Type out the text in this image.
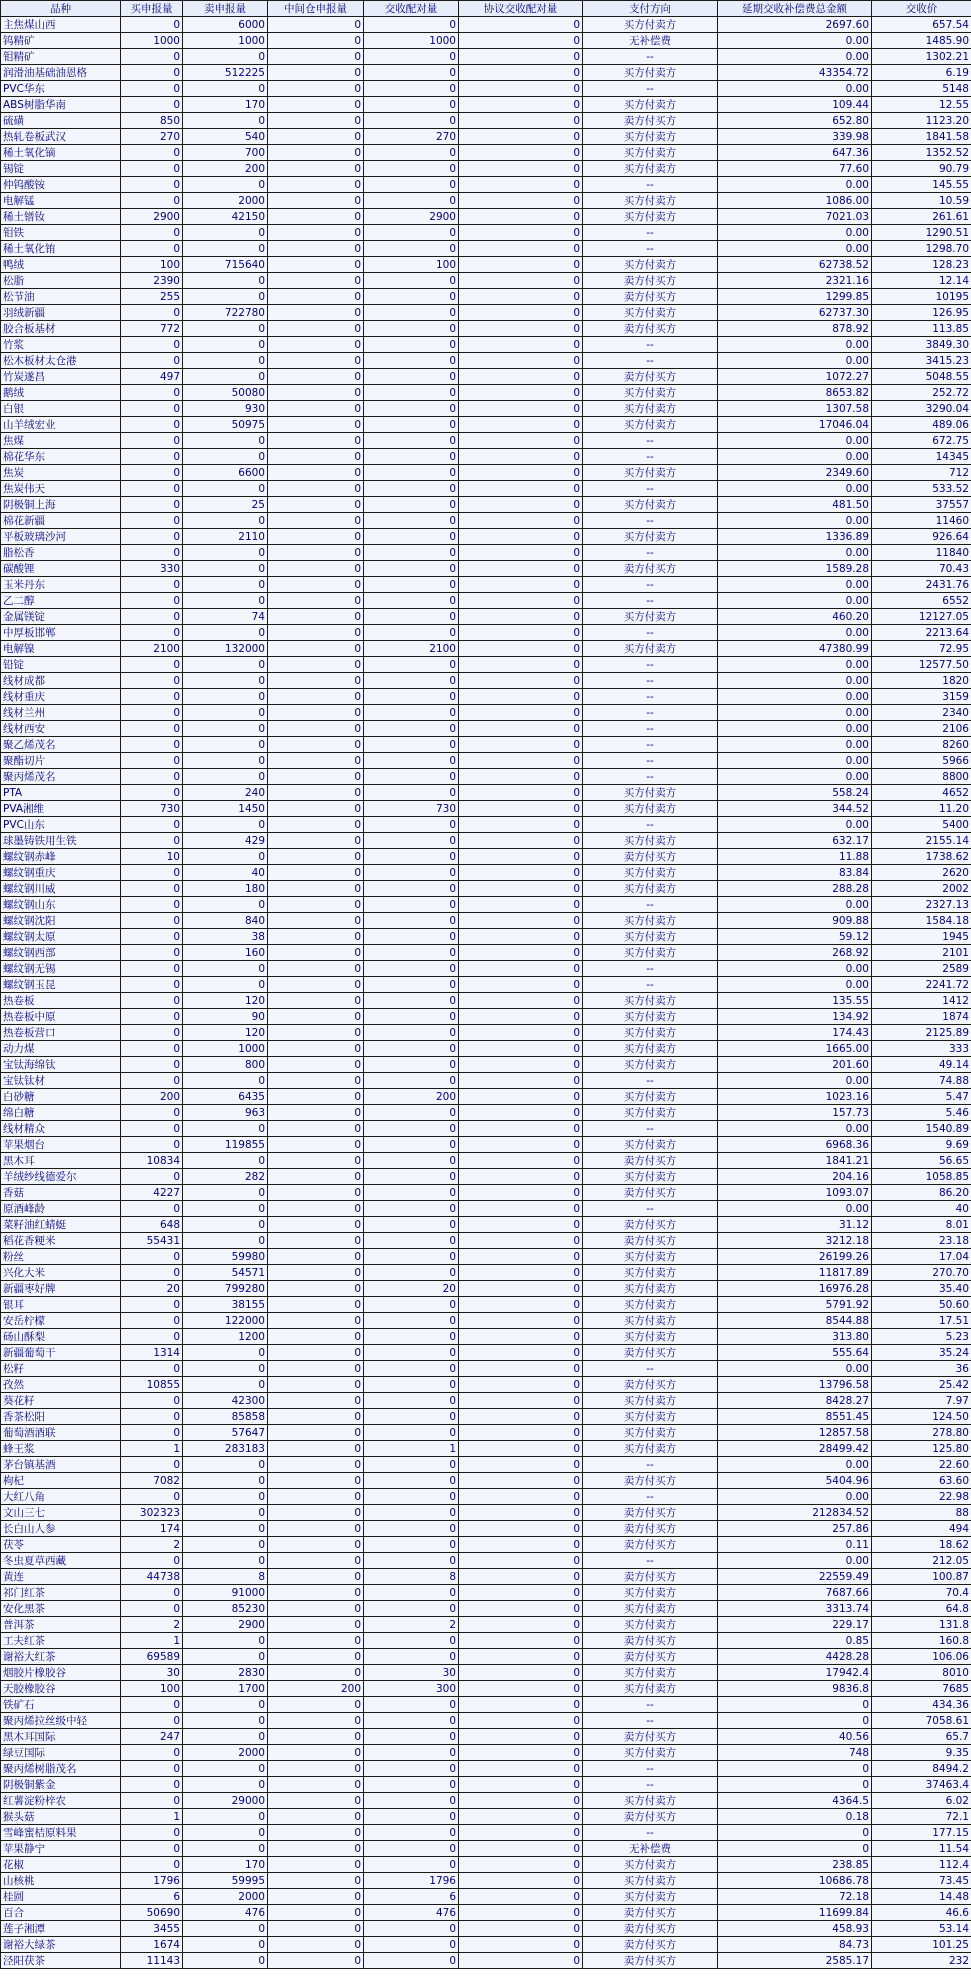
品种	买申报量	卖申报量	中间仓申报量	交收配对量	协议交收配对量	支付方向	延期交收补偿费总金额	交收价
主焦煤山西	0	6000	0	0	0	买方付卖方	2697.60	657.54
钨精矿	1000	1000	0	1000	0	无补偿费	0.00	1485.90
钼精矿	0	0	0	0	0	--	0.00	1302.21
润滑油基础油恩格	0	512225	0	0	0	买方付卖方	43354.72	6.19
PVC华东	0	0	0	0	0	--	0.00	5148
ABS树脂华南	0	170	0	0	0	买方付卖方	109.44	12.55
硫磺	850	0	0	0	0	卖方付买方	652.80	1123.20
热轧卷板武汉	270	540	0	270	0	买方付卖方	339.98	1841.58
稀土氧化镝	0	700	0	0	0	买方付卖方	647.36	1352.52
锡锭	0	200	0	0	0	买方付卖方	77.60	90.79
仲钨酸铵	0	0	0	0	0	--	0.00	145.55
电解锰	0	2000	0	0	0	买方付卖方	1086.00	10.59
稀土镨钕	2900	42150	0	2900	0	买方付卖方	7021.03	261.61
钼铁	0	0	0	0	0	--	0.00	1290.51
稀土氧化铕	0	0	0	0	0	--	0.00	1298.70
鸭绒	100	715640	0	100	0	买方付卖方	62738.52	128.23
松脂	2390	0	0	0	0	卖方付买方	2321.16	12.14
松节油	255	0	0	0	0	卖方付买方	1299.85	10195
羽绒新疆	0	722780	0	0	0	买方付卖方	62737.30	126.95
胶合板基材	772	0	0	0	0	卖方付买方	878.92	113.85
竹浆	0	0	0	0	0	--	0.00	3849.30
松木板材太仓港	0	0	0	0	0	--	0.00	3415.23
竹炭遂昌	497	0	0	0	0	卖方付买方	1072.27	5048.55
鹅绒	0	50080	0	0	0	买方付卖方	8653.82	252.72
白银	0	930	0	0	0	买方付卖方	1307.58	3290.04
山羊绒宏业	0	50975	0	0	0	买方付卖方	17046.04	489.06
焦煤	0	0	0	0	0	--	0.00	672.75
棉花华东	0	0	0	0	0	--	0.00	14345
焦炭	0	6600	0	0	0	买方付卖方	2349.60	712
焦炭伟天	0	0	0	0	0	--	0.00	533.52
阴极铜上海	0	25	0	0	0	买方付卖方	481.50	37557
棉花新疆	0	0	0	0	0	--	0.00	11460
平板玻璃沙河	0	2110	0	0	0	买方付卖方	1336.89	926.64
脂松香	0	0	0	0	0	--	0.00	11840
碳酸锂	330	0	0	0	0	卖方付买方	1589.28	70.43
玉米丹东	0	0	0	0	0	--	0.00	2431.76
乙二醇	0	0	0	0	0	--	0.00	6552
金属镁锭	0	74	0	0	0	买方付卖方	460.20	12127.05
中厚板邯郸	0	0	0	0	0	--	0.00	2213.64
电解镍	2100	132000	0	2100	0	买方付卖方	47380.99	72.95
铅锭	0	0	0	0	0	--	0.00	12577.50
线材成都	0	0	0	0	0	--	0.00	1820
线材重庆	0	0	0	0	0	--	0.00	3159
线材兰州	0	0	0	0	0	--	0.00	2340
线材西安	0	0	0	0	0	--	0.00	2106
聚乙烯茂名	0	0	0	0	0	--	0.00	8260
聚酯切片	0	0	0	0	0	--	0.00	5966
聚丙烯茂名	0	0	0	0	0	--	0.00	8800
PTA	0	240	0	0	0	买方付卖方	558.24	4652
PVA湘维	730	1450	0	730	0	买方付卖方	344.52	11.20
PVC山东	0	0	0	0	0	--	0.00	5400
球墨铸铁用生铁	0	429	0	0	0	买方付卖方	632.17	2155.14
螺纹钢赤峰	10	0	0	0	0	卖方付买方	11.88	1738.62
螺纹钢重庆	0	40	0	0	0	买方付卖方	83.84	2620
螺纹钢川威	0	180	0	0	0	买方付卖方	288.28	2002
螺纹钢山东	0	0	0	0	0	--	0.00	2327.13
螺纹钢沈阳	0	840	0	0	0	买方付卖方	909.88	1584.18
螺纹钢太原	0	38	0	0	0	买方付卖方	59.12	1945
螺纹钢西部	0	160	0	0	0	买方付卖方	268.92	2101
螺纹钢无锡	0	0	0	0	0	--	0.00	2589
螺纹钢玉昆	0	0	0	0	0	--	0.00	2241.72
热卷板	0	120	0	0	0	买方付卖方	135.55	1412
热卷板中原	0	90	0	0	0	买方付卖方	134.92	1874
热卷板营口	0	120	0	0	0	买方付卖方	174.43	2125.89
动力煤	0	1000	0	0	0	买方付卖方	1665.00	333
宝钛海绵钛	0	800	0	0	0	买方付卖方	201.60	49.14
宝钛钛材	0	0	0	0	0	--	0.00	74.88
白砂糖	200	6435	0	200	0	买方付卖方	1023.16	5.47
绵白糖	0	963	0	0	0	买方付卖方	157.73	5.46
线材精众	0	0	0	0	0	--	0.00	1540.89
苹果烟台	0	119855	0	0	0	买方付卖方	6968.36	9.69
黑木耳	10834	0	0	0	0	卖方付买方	1841.21	56.65
羊绒纱线德爱尔	0	282	0	0	0	买方付卖方	204.16	1058.85
香菇	4227	0	0	0	0	卖方付买方	1093.07	86.20
原酒峰龄	0	0	0	0	0	--	0.00	40
菜籽油红蜻蜓	648	0	0	0	0	卖方付买方	31.12	8.01
稻花香粳米	55431	0	0	0	0	卖方付买方	3212.18	23.18
粉丝	0	59980	0	0	0	买方付卖方	26199.26	17.04
兴化大米	0	54571	0	0	0	买方付卖方	11817.89	270.70
新疆枣好牌	20	799280	0	20	0	买方付卖方	16976.28	35.40
银耳	0	38155	0	0	0	买方付卖方	5791.92	50.60
安岳柠檬	0	122000	0	0	0	买方付卖方	8544.88	17.51
砀山酥梨	0	1200	0	0	0	买方付卖方	313.80	5.23
新疆葡萄干	1314	0	0	0	0	卖方付买方	555.64	35.24
松籽	0	0	0	0	0	--	0.00	36
孜然	10855	0	0	0	0	卖方付买方	13796.58	25.42
葵花籽	0	42300	0	0	0	买方付卖方	8428.27	7.97
香茶松阳	0	85858	0	0	0	买方付卖方	8551.45	124.50
葡萄酒酒联	0	57647	0	0	0	买方付卖方	12857.58	278.80
蜂王浆	1	283183	0	1	0	买方付卖方	28499.42	125.80
茅台镇基酒	0	0	0	0	0	--	0.00	22.60
枸杞	7082	0	0	0	0	卖方付买方	5404.96	63.60
大红八角	0	0	0	0	0	--	0.00	22.98
文山三七	302323	0	0	0	0	卖方付买方	212834.52	88
长白山人参	174	0	0	0	0	卖方付买方	257.86	494
茯苓	2	0	0	0	0	卖方付买方	0.11	18.62
冬虫夏草西藏	0	0	0	0	0	--	0.00	212.05
黄连	44738	8	0	8	0	卖方付买方	22559.49	100.87
祁门红茶	0	91000	0	0	0	买方付卖方	7687.66	70.4
安化黑茶	0	85230	0	0	0	买方付卖方	3313.74	64.8
普洱茶	2	2900	0	2	0	买方付卖方	229.17	131.8
工夫红茶	1	0	0	0	0	卖方付买方	0.85	160.8
谢裕大红茶	69589	0	0	0	0	卖方付买方	4428.28	106.06
烟胶片橡胶谷	30	2830	0	30	0	买方付卖方	17942.4	8010
天胶橡胶谷	100	1700	200	300	0	买方付卖方	9836.8	7685
铁矿石	0	0	0	0	0	--	0	434.36
聚丙烯拉丝级中轻	0	0	0	0	0	--	0	7058.61
黑木耳国际	247	0	0	0	0	卖方付买方	40.56	65.7
绿豆国际	0	2000	0	0	0	买方付卖方	748	9.35
聚丙烯树脂茂名	0	0	0	0	0	--	0	8494.2
阴极铜紫金	0	0	0	0	0	--	0	37463.4
红薯淀粉梓农	0	29000	0	0	0	买方付卖方	4364.5	6.02
猴头菇	1	0	0	0	0	卖方付买方	0.18	72.1
雪峰蜜桔原料果	0	0	0	0	0	--	0	177.15
苹果静宁	0	0	0	0	0	无补偿费	0	11.54
花椒	0	170	0	0	0	买方付卖方	238.85	112.4
山核桃	1796	59995	0	1796	0	买方付卖方	10686.78	73.45
桂圆	6	2000	0	6	0	买方付卖方	72.18	14.48
百合	50690	476	0	476	0	卖方付买方	11699.84	46.6
莲子湘潭	3455	0	0	0	0	卖方付买方	458.93	53.14
谢裕大绿茶	1674	0	0	0	0	卖方付买方	84.73	101.25
泾阳茯茶	11143	0	0	0	0	卖方付买方	2585.17	232
